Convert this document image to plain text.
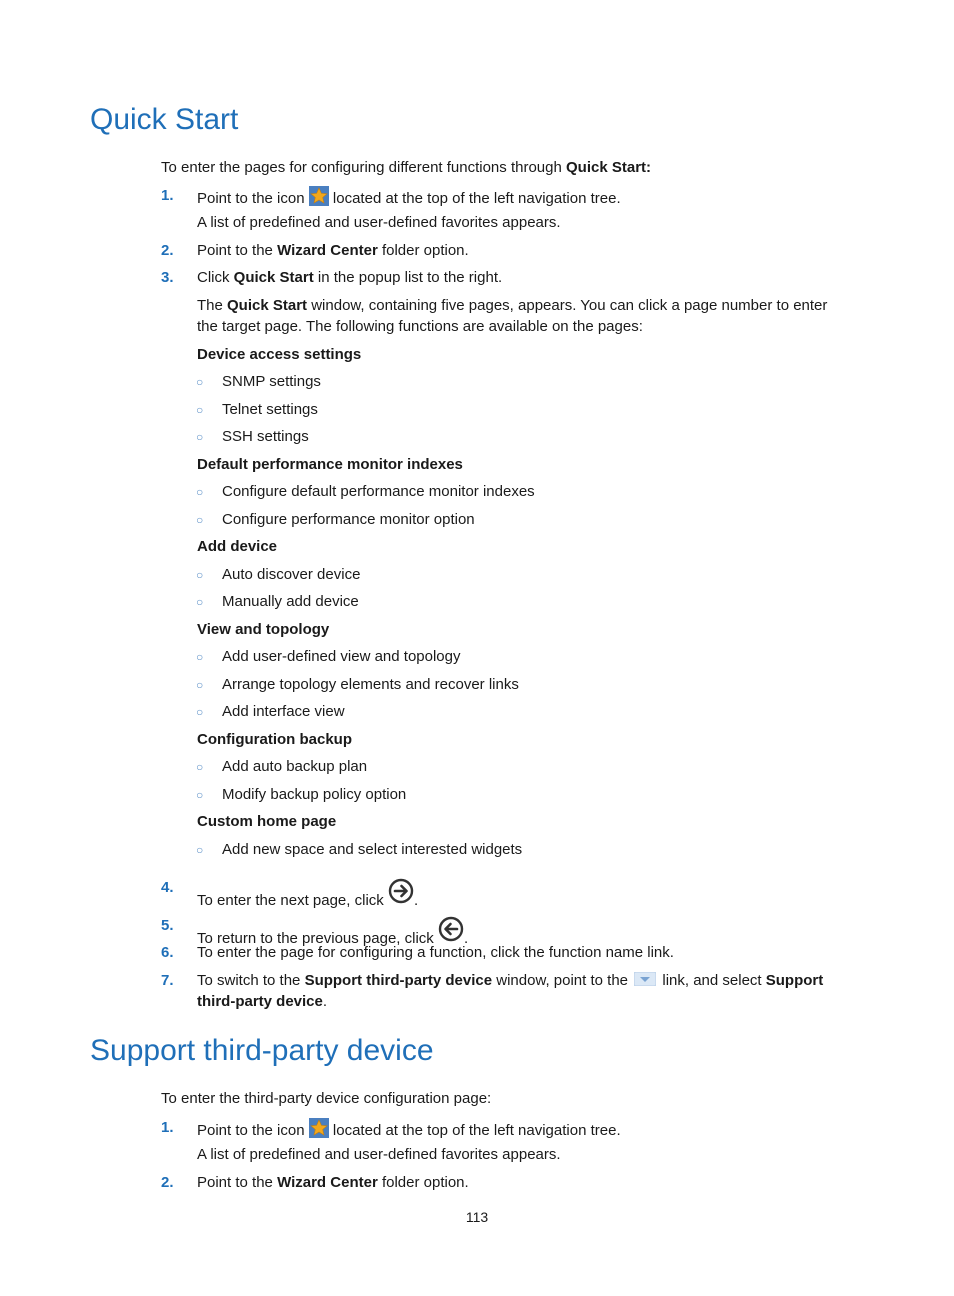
Quick Start
To enter the pages for configuring different functions through Quick Start:
1. Point to the icon  located at the top of the left navigation tree.
A list of predefined and user-defined favorites appears.
2. Point to the Wizard Center folder option.
3. Click Quick Start in the popup list to the right.
The Quick Start window, containing five pages, appears. You can click a page number to enter
the target page. The following functions are available on the pages:
Device access settings
○ SNMP settings
○ Telnet settings
○ SSH settings
Default performance monitor indexes
○ Configure default performance monitor indexes
○ Configure performance monitor option
Add device
○ Auto discover device
○ Manually add device
View and topology
○ Add user-defined view and topology
○ Arrange topology elements and recover links
○ Add interface view
Configuration backup
○ Add auto backup plan
○ Modify backup policy option
Custom home page
○ Add new space and select interested widgets
4.
To enter the next page, click .
5.
To return to the previous page, click .
6. To enter the page for configuring a function, click the function name link.
7. To switch to the Support third-party device window, point to the  link, and select Support
third-party device.
Support third-party device
To enter the third-party device configuration page:
1. Point to the icon  located at the top of the left navigation tree.
A list of predefined and user-defined favorites appears.
2. Point to the Wizard Center folder option.
113
